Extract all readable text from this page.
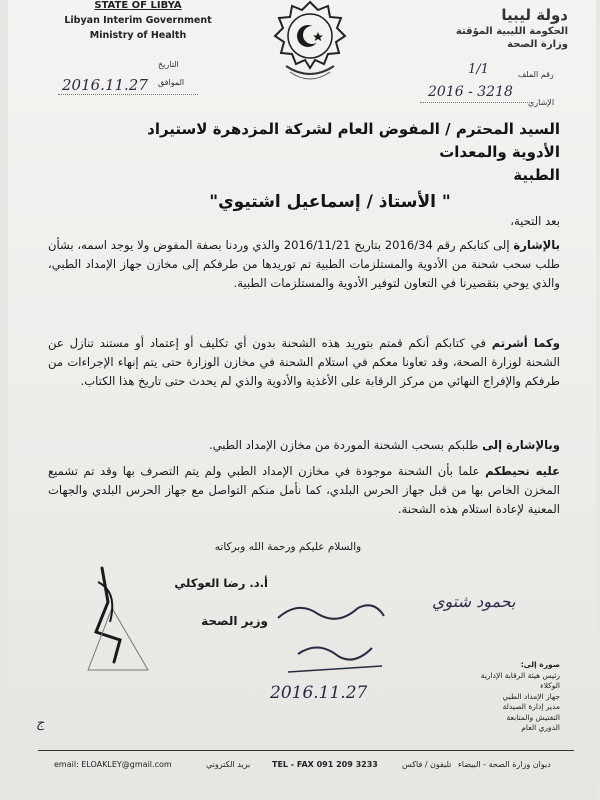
STATE OF LIBYA
Libyan Interim Government
Ministry of Health
التاريخ
الموافق
2016.11.27
دولة ليبيا
الحكومة الليبية المؤقتة
وزارة الصحة
رقم الملف
1/1
الإشاري
2016 - 3218
السيد المحترم / المفوض العام لشركة المزدهرة لاستيراد الأدوية والمعدات
الطبية
" الأستاذ / إسماعيل اشتيوي"
بعد التحية،
بالإشارة إلى كتابكم رقم 2016/34 بتاريخ 2016/11/21 والذي وردنا بصفة المفوض ولا يوجد اسمه، بشأن طلب سحب شحنة من الأدوية والمستلزمات الطبية تم توريدها من طرفكم إلى مخازن جهاز الإمداد الطبي، والذي يوحي بتقصيرنا في التعاون لتوفير الأدوية والمستلزمات الطبية.
وكما أشرتم في كتابكم أنكم قمتم بتوريد هذه الشحنة بدون أي تكليف أو إعتماد أو مستند تنازل عن الشحنة لوزارة الصحة، وقد تعاونا معكم في استلام الشحنة في مخازن الوزارة حتى يتم إنهاء الإجراءات من طرفكم والإفراج النهائي من مركز الرقابة على الأغذية والأدوية والذي لم يحدث حتى تاريخ هذا الكتاب.
وبالإشارة إلى طلبكم بسحب الشحنة الموردة من مخازن الإمداد الطبي.
عليه نحيطكم علما بأن الشحنة موجودة في مخازن الإمداد الطبي ولم يتم التصرف بها وقد تم تشميع المخزن الخاص بها من قبل جهاز الحرس البلدي، كما نأمل منكم التواصل مع جهاز الحرس البلدي والجهات المعنية لإعادة استلام هذه الشحنة.
والسلام عليكم ورحمة الله وبركاته
أ.د. رضا العوكلي
وزير الصحة
بحمود شتوي
2016.11.27
صورة إلى:
رئيس هيئة الرقابة الإدارية
الوكلاء
جهاز الإمداد الطبي
مدير إدارة الصيدلة
التفتيش والمتابعة
الدوري العام
ج
email: ELOAKLEY@gmail.com	بريد الكتروني	TEL - FAX 091 209 3233	تليفون / فاكس ديوان وزارة الصحة - البيضاء
